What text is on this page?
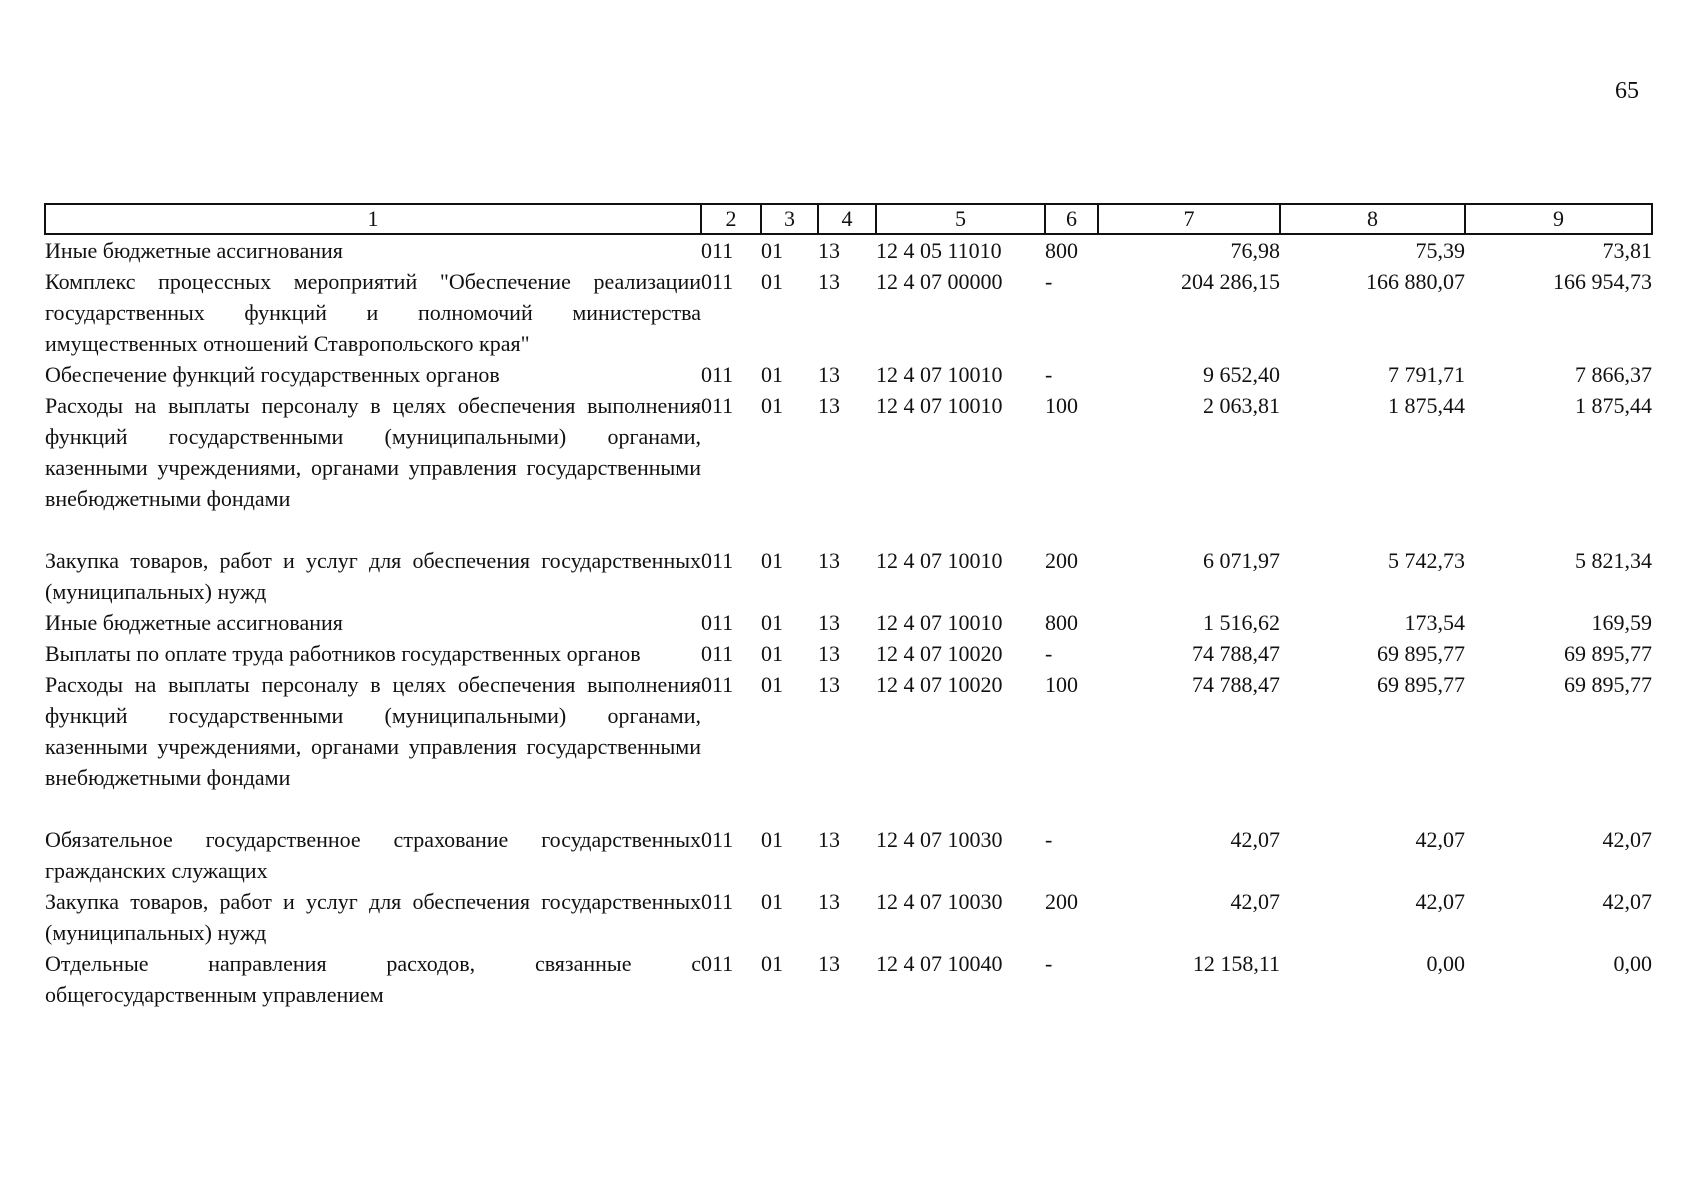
65
1	2	3	4	5	6	7	8	9
Иные бюджетные ассигнования	011	01	13	12 4 05 11010	800	76,98	75,39	73,81
Комплекс процессных мероприятий "Обеспечение реализации государственных функций и полномочий министерства имущественных отношений Ставропольского края"	011	01	13	12 4 07 00000	-	204 286,15	166 880,07	166 954,73
Обеспечение функций государственных органов	011	01	13	12 4 07 10010	-	9 652,40	7 791,71	7 866,37
Расходы на выплаты персоналу в целях обеспечения выполнения функций государственными (муниципальными) органами, казенными учреждениями, органами управления государственными внебюджетными фондами	011	01	13	12 4 07 10010	100	2 063,81	1 875,44	1 875,44

Закупка товаров, работ и услуг для обеспечения государственных (муниципальных) нужд	011	01	13	12 4 07 10010	200	6 071,97	5 742,73	5 821,34
Иные бюджетные ассигнования	011	01	13	12 4 07 10010	800	1 516,62	173,54	169,59
Выплаты по оплате труда работников государственных органов	011	01	13	12 4 07 10020	-	74 788,47	69 895,77	69 895,77
Расходы на выплаты персоналу в целях обеспечения выполнения функций государственными (муниципальными) органами, казенными учреждениями, органами управления государственными внебюджетными фондами	011	01	13	12 4 07 10020	100	74 788,47	69 895,77	69 895,77

Обязательное государственное страхование государственных гражданских служащих	011	01	13	12 4 07 10030	-	42,07	42,07	42,07
Закупка товаров, работ и услуг для обеспечения государственных (муниципальных) нужд	011	01	13	12 4 07 10030	200	42,07	42,07	42,07
Отдельные направления расходов, связанные с общегосударственным управлением	011	01	13	12 4 07 10040	-	12 158,11	0,00	0,00
